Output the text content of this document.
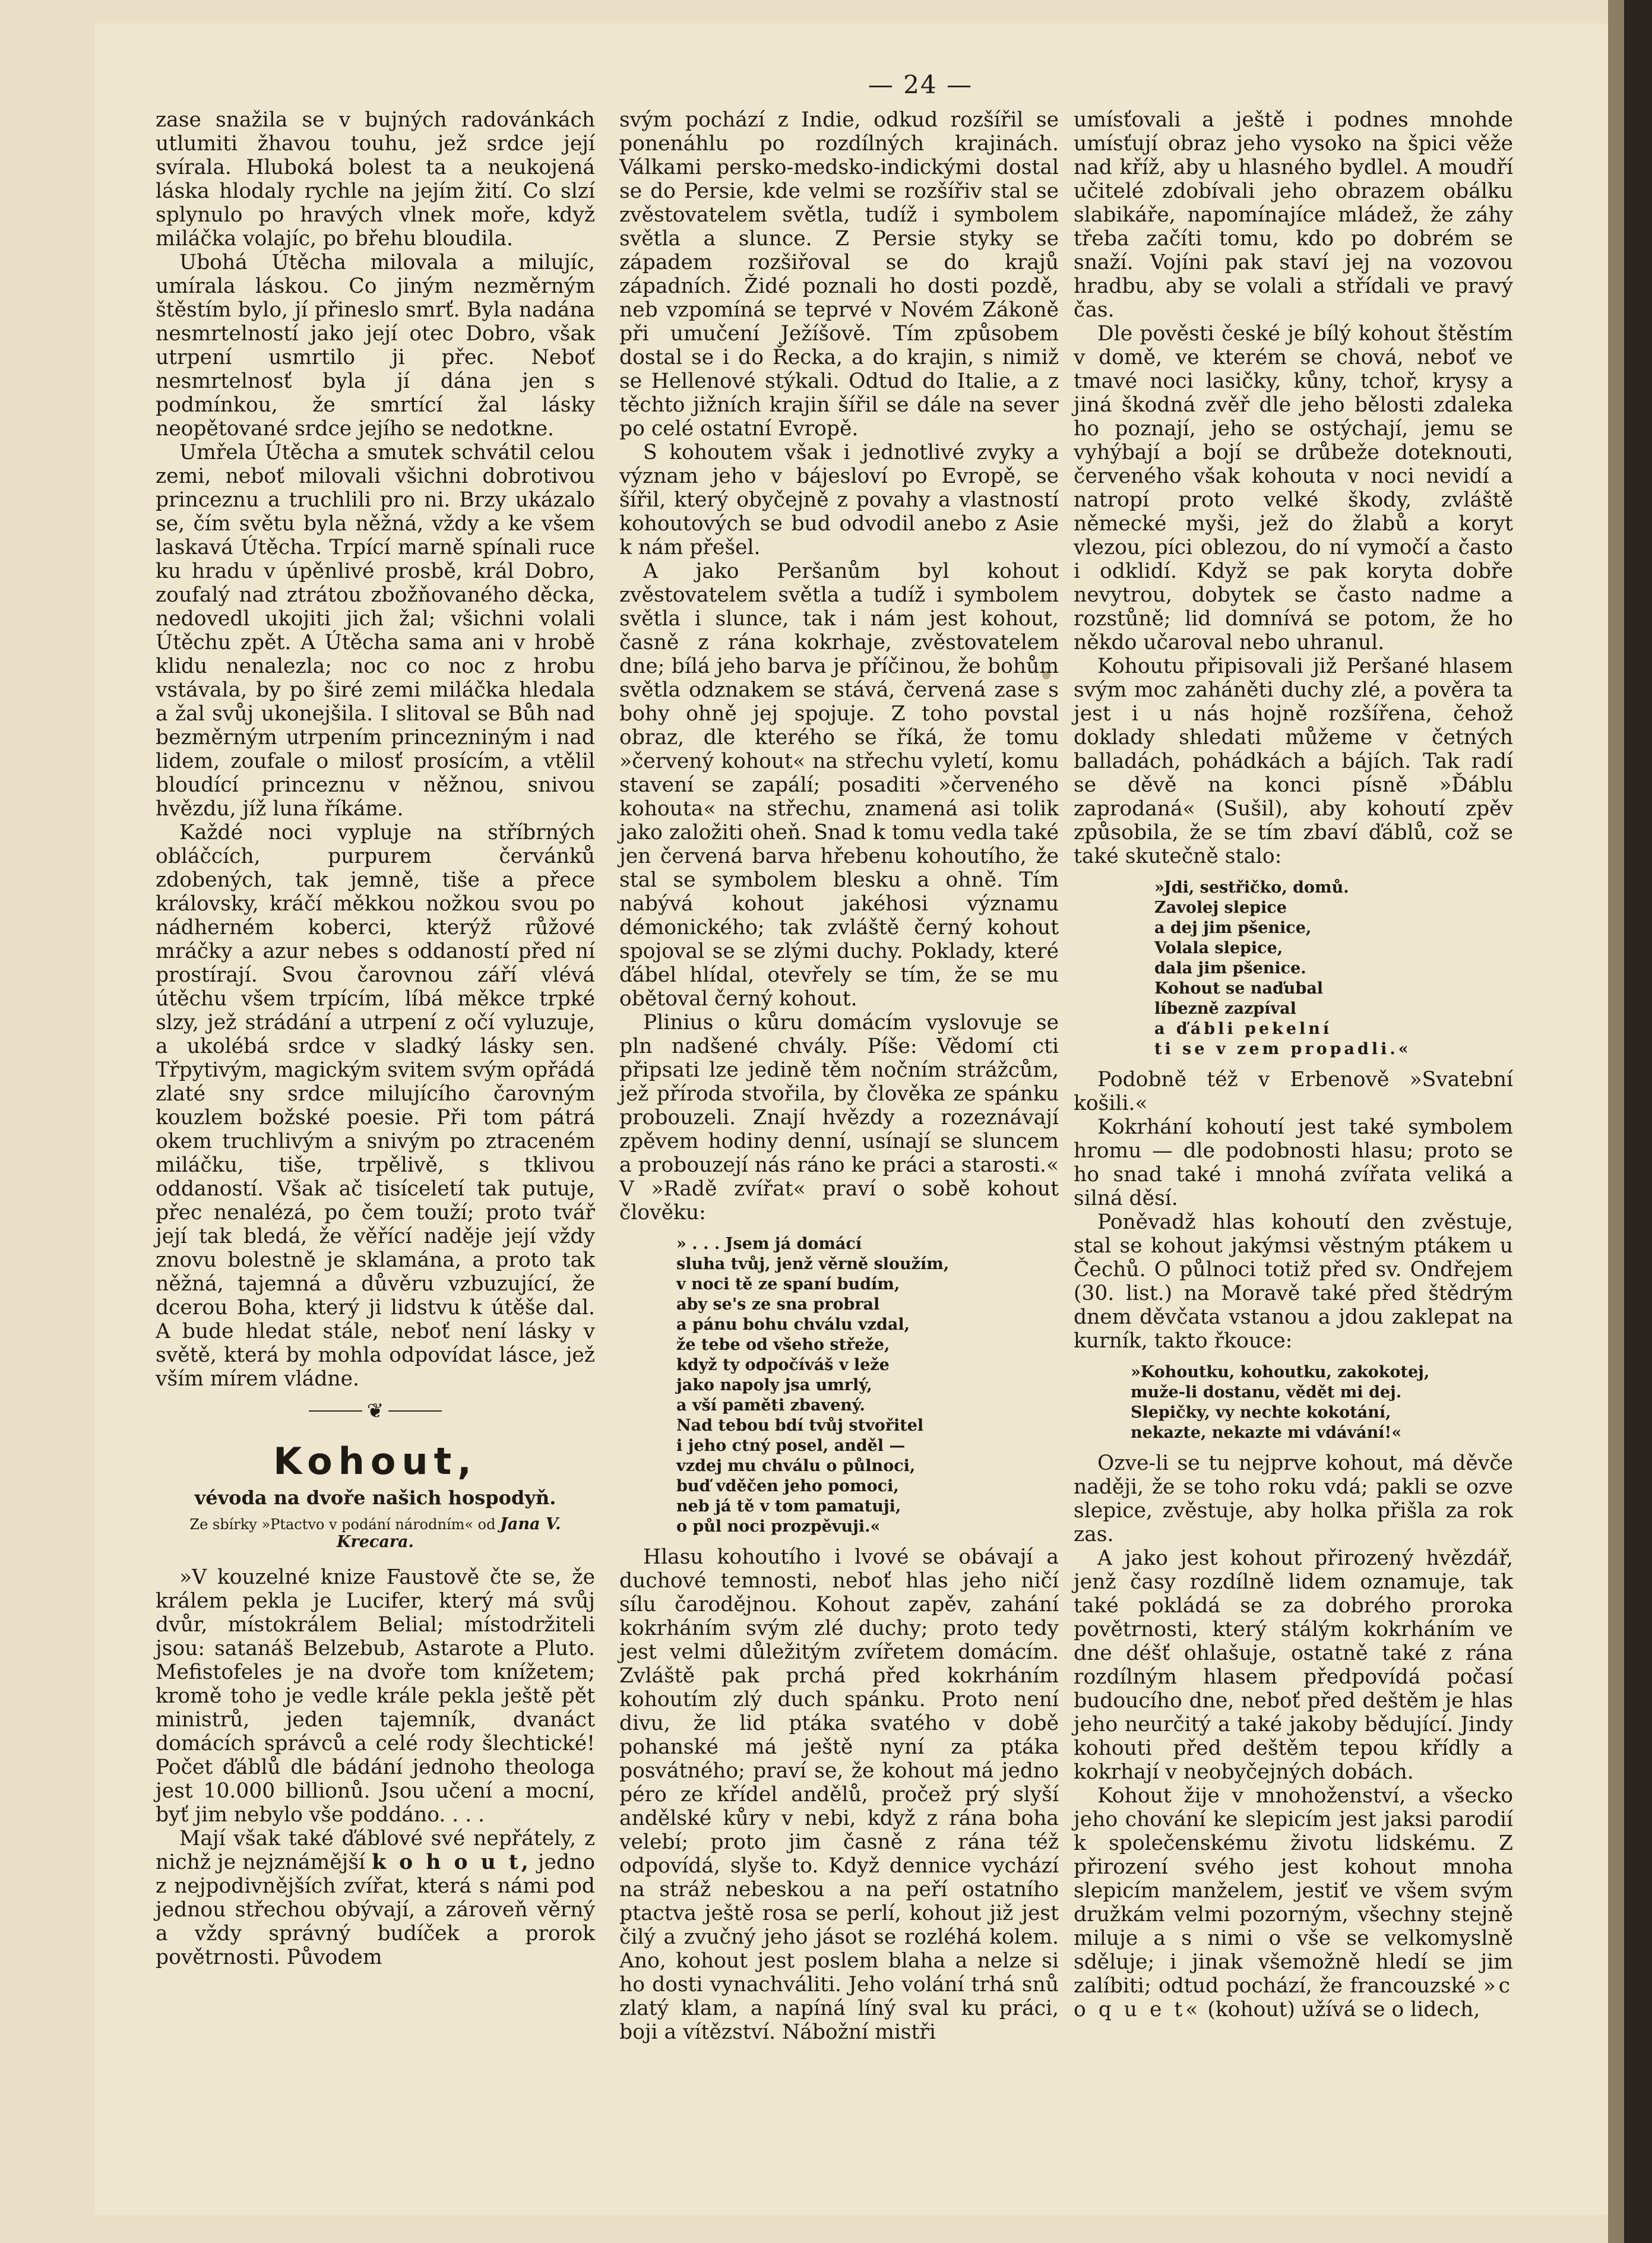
— 24 —

zase snažila se v bujných radovánkách utlumiti žhavou touhu, jež srdce její svírala. Hluboká bolest ta a neukojená láska hlodaly rychle na jejím žití. Co slzí splynulo po hravých vlnek moře, když miláčka volajíc, po břehu bloudila.

Ubohá Útěcha milovala a milujíc, umírala láskou. Co jiným nezměrným štěstím bylo, jí přineslo smrť. Byla nadána nesmrtelností jako její otec Dobro, však utrpení usmrtilo ji přec. Neboť nesmrtelnosť byla jí dána jen s podmínkou, že smrtící žal lásky neopětované srdce jejího se nedotkne.

Umřela Útěcha a smutek schvátil celou zemi, neboť milovali všichni dobrotivou princeznu a truchlili pro ni. Brzy ukázalo se, čím světu byla něžná, vždy a ke všem laskavá Útěcha. Trpící marně spínali ruce ku hradu v úpěnlivé prosbě, král Dobro, zoufalý nad ztrátou zbožňovaného děcka, nedovedl ukojiti jich žal; všichni volali Útěchu zpět. A Útěcha sama ani v hrobě klidu nenalezla; noc co noc z hrobu vstávala, by po širé zemi miláčka hledala a žal svůj ukonejšila. I slitoval se Bůh nad bezměrným utrpením princezniným i nad lidem, zoufale o milosť prosícím, a vtělil bloudící princeznu v něžnou, snivou hvězdu, jíž luna říkáme.

Každé noci vypluje na stříbrných obláčcích, purpurem červánků zdobených, tak jemně, tiše a přece královsky, kráčí měkkou nožkou svou po nádherném koberci, kterýž růžové mráčky a azur nebes s oddaností před ní prostírají. Svou čarovnou září vlévá útěchu všem trpícím, líbá měkce trpké slzy, jež strádání a utrpení z očí vyluzuje, a ukolébá srdce v sladký lásky sen. Třpytivým, magickým svitem svým opřádá zlaté sny srdce milujícího čarovným kouzlem božské poesie. Při tom pátrá okem truchlivým a snivým po ztraceném miláčku, tiše, trpělivě, s tklivou oddaností. Však ač tisíceletí tak putuje, přec nenalézá, po čem touží; proto tvář její tak bledá, že věřící naděje její vždy znovu bolestně je sklamána, a proto tak něžná, tajemná a důvěru vzbuzující, že dcerou Boha, který ji lidstvu k útěše dal. A bude hledat stále, neboť není lásky v světě, která by mohla odpovídat lásce, jež vším mírem vládne.

❦
Kohout,
vévoda na dvoře našich hospodyň.
Ze sbírky »Ptactvo v podání národním« od Jana V. Krecara.

»V kouzelné knize Faustově čte se, že králem pekla je Lucifer, který má svůj dvůr, místokrálem Belial; místodržiteli jsou: satanáš Belzebub, Astarote a Pluto. Mefistofeles je na dvoře tom knížetem; kromě toho je vedle krále pekla ještě pět ministrů, jeden tajemník, dvanáct domácích správců a celé rody šlechtické! Počet ďáblů dle bádání jednoho theologa jest 10.000 billionů. Jsou učení a mocní, byť jim nebylo vše poddáno. . . .

Mají však také ďáblové své nepřátely, z nichž je nejznámější k o h o u t, jedno z nejpodivnějších zvířat, která s námi pod jednou střechou obývají, a zároveň věrný a vždy správný budíček a prorok povětrnosti. Původem

svým pochází z Indie, odkud rozšířil se ponenáhlu po rozdílných krajinách. Válkami persko-medsko-indickými dostal se do Persie, kde velmi se rozšířiv stal se zvěstovatelem světla, tudíž i symbolem světla a slunce. Z Persie styky se západem rozšiřoval se do krajů západních. Židé poznali ho dosti pozdě, neb vzpomíná se teprvé v Novém Zákoně při umučení Ježíšově. Tím způsobem dostal se i do Řecka, a do krajin, s nimiž se Hellenové stýkali. Odtud do Italie, a z těchto jižních krajin šířil se dále na sever po celé ostatní Evropě.

S kohoutem však i jednotlivé zvyky a význam jeho v bájesloví po Evropě, se šířil, který obyčejně z povahy a vlastností kohoutových se bud odvodil anebo z Asie k nám přešel.

A jako Peršanům byl kohout zvěstovatelem světla a tudíž i symbolem světla i slunce, tak i nám jest kohout, časně z rána kokrhaje, zvěstovatelem dne; bílá jeho barva je příčinou, že bohům světla odznakem se stává, červená zase s bohy ohně jej spojuje. Z toho povstal obraz, dle kterého se říká, že tomu »červený kohout« na střechu vyletí, komu stavení se zapálí; posaditi »červeného kohouta« na střechu, znamená asi tolik jako založiti oheň. Snad k tomu vedla také jen červená barva hřebenu kohoutího, že stal se symbolem blesku a ohně. Tím nabývá kohout jakéhosi významu démonického; tak zvláště černý kohout spojoval se se zlými duchy. Poklady, které ďábel hlídal, otevřely se tím, že se mu obětoval černý kohout.

Plinius o kůru domácím vyslovuje se pln nadšené chvály. Píše: Vědomí cti připsati lze jedině těm nočním strážcům, jež příroda stvořila, by člověka ze spánku probouzeli. Znají hvězdy a rozeznávají zpěvem hodiny denní, usínají se sluncem a probouzejí nás ráno ke práci a starosti.« V »Radě zvířat« praví o sobě kohout člověku:

» . . . Jsem já domácí
sluha tvůj, jenž věrně sloužím,
v noci tě ze spaní budím,
aby se's ze sna probral
a pánu bohu chválu vzdal,
že tebe od všeho střeže,
když ty odpočíváš v leže
jako napoly jsa umrlý,
a vší paměti zbavený.
Nad tebou bdí tvůj stvořitel
i jeho ctný posel, anděl —
vzdej mu chválu o půlnoci,
buď vděčen jeho pomoci,
neb já tě v tom pamatuji,
o půl noci prozpěvuji.«

Hlasu kohoutího i lvové se obávají a duchové temnosti, neboť hlas jeho ničí sílu čarodějnou. Kohout zapěv, zahání kokrháním svým zlé duchy; proto tedy jest velmi důležitým zvířetem domácím. Zvláště pak prchá před kokrháním kohoutím zlý duch spánku. Proto není divu, že lid ptáka svatého v době pohanské má ještě nyní za ptáka posvátného; praví se, že kohout má jedno péro ze křídel andělů, pročež prý slyší andělské kůry v nebi, když z rána boha velebí; proto jim časně z rána též odpovídá, slyše to. Když dennice vychází na stráž nebeskou a na peří ostatního ptactva ještě rosa se perlí, kohout již jest čilý a zvučný jeho jásot se rozléhá kolem. Ano, kohout jest poslem blaha a nelze si ho dosti vynachváliti. Jeho volání trhá snů zlatý klam, a napíná líný sval ku práci, boji a vítězství. Nábožní mistři

umísťovali a ještě i podnes mnohde umísťují obraz jeho vysoko na špici věže nad kříž, aby u hlasného bydlel. A moudří učitelé zdobívali jeho obrazem obálku slabikáře, napomínajíce mládež, že záhy třeba začíti tomu, kdo po dobrém se snaží. Vojíni pak staví jej na vozovou hradbu, aby se volali a střídali ve pravý čas.

Dle pověsti české je bílý kohout štěstím v domě, ve kterém se chová, neboť ve tmavé noci lasičky, kůny, tchoř, krysy a jiná škodná zvěř dle jeho bělosti zdaleka ho poznají, jeho se ostýchají, jemu se vyhýbají a bojí se drůbeže doteknouti, červeného však kohouta v noci nevidí a natropí proto velké škody, zvláště německé myši, jež do žlabů a koryt vlezou, píci oblezou, do ní vymočí a často i odklidí. Když se pak koryta dobře nevytrou, dobytek se často nadme a rozstůně; lid domnívá se potom, že ho někdo učaroval nebo uhranul.

Kohoutu připisovali již Peršané hlasem svým moc zaháněti duchy zlé, a pověra ta jest i u nás hojně rozšířena, čehož doklady shledati můžeme v četných balladách, pohádkách a bájích. Tak radí se děvě na konci písně »Ďáblu zaprodaná« (Sušil), aby kohoutí zpěv způsobila, že se tím zbaví ďáblů, což se také skutečně stalo:

»Jdi, sestřičko, domů.
Zavolej slepice
a dej jim pšenice,
Volala slepice,
dala jim pšenice.
Kohout se naďubal
líbezně zazpíval
a ďábli pekelní
ti se v zem propadli.«

Podobně též v Erbenově »Svatební košili.«

Kokrhání kohoutí jest také symbolem hromu — dle podobnosti hlasu; proto se ho snad také i mnohá zvířata veliká a silná děsí.

Poněvadž hlas kohoutí den zvěstuje, stal se kohout jakýmsi věstným ptákem u Čechů. O půlnoci totiž před sv. Ondřejem (30. list.) na Moravě také před štědrým dnem děvčata vstanou a jdou zaklepat na kurník, takto řkouce:

»Kohoutku, kohoutku, zakokotej,
muže-li dostanu, vědět mi dej.
Slepičky, vy nechte kokotání,
nekazte, nekazte mi vdávání!«

Ozve-li se tu nejprve kohout, má děvče naději, že se toho roku vdá; pakli se ozve slepice, zvěstuje, aby holka přišla za rok zas.

A jako jest kohout přirozený hvězdář, jenž časy rozdílně lidem oznamuje, tak také pokládá se za dobrého proroka povětrnosti, který stálým kokrháním ve dne déšť ohlašuje, ostatně také z rána rozdílným hlasem předpovídá počasí budoucího dne, neboť před deštěm je hlas jeho neurčitý a také jakoby bědující. Jindy kohouti před deštěm tepou křídly a kokrhají v neobyčejných dobách.

Kohout žije v mnohoženství, a všecko jeho chování ke slepicím jest jaksi parodií k společenskému životu lidskému. Z přirození svého jest kohout mnoha slepicím manželem, jestiť ve všem svým družkám velmi pozorným, všechny stejně miluje a s nimi o vše se velkomyslně sděluje; i jinak všemožně hledí se jim zalíbiti; odtud pochází, že francouzské »c o q u e t« (kohout) užívá se o lidech,
